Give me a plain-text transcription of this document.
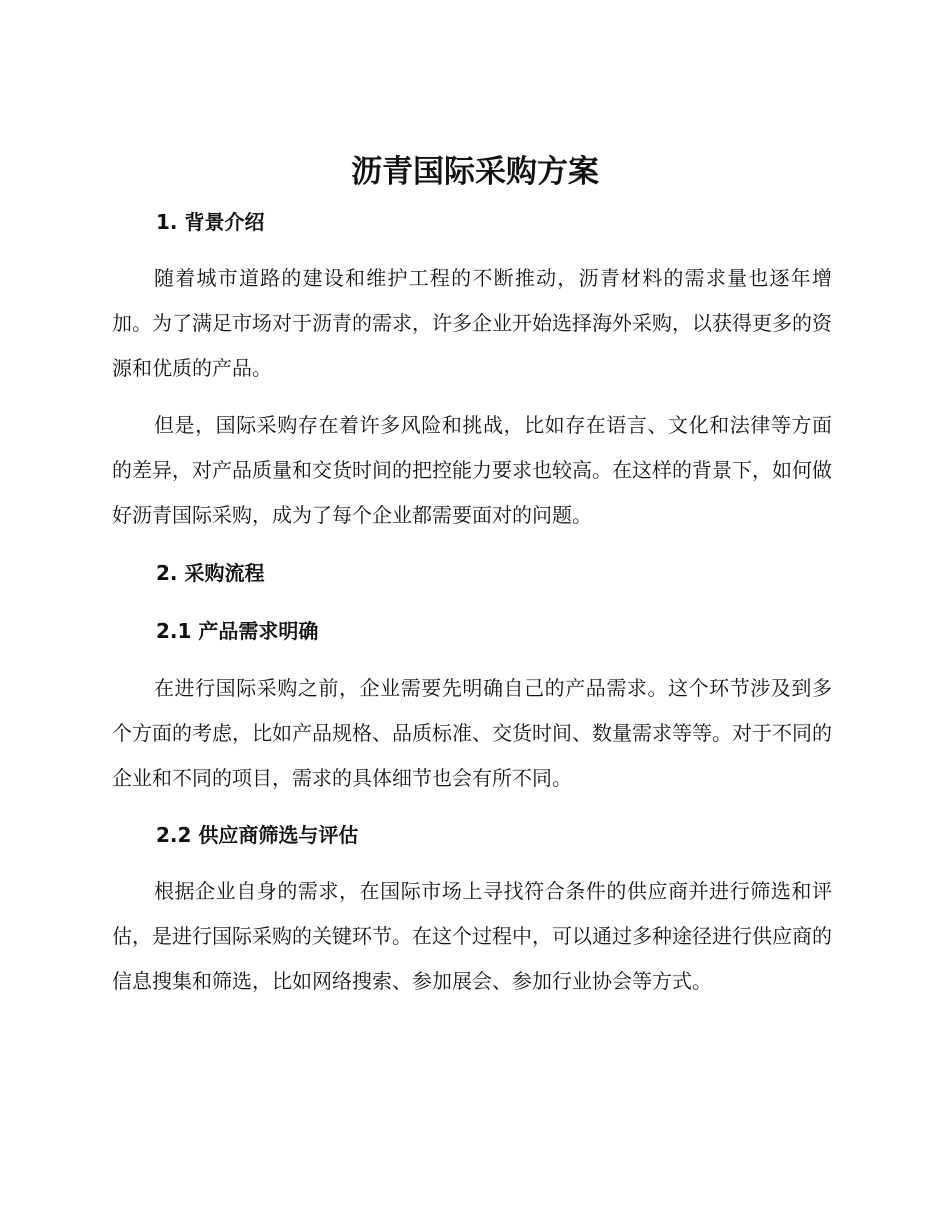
沥青国际采购方案
1. 背景介绍

随着城市道路的建设和维护工程的不断推动，沥青材料的需求量也逐年增加。为了满足市场对于沥青的需求，许多企业开始选择海外采购，以获得更多的资源和优质的产品。

但是，国际采购存在着许多风险和挑战，比如存在语言、文化和法律等方面的差异，对产品质量和交货时间的把控能力要求也较高。在这样的背景下，如何做好沥青国际采购，成为了每个企业都需要面对的问题。

2. 采购流程
2.1 产品需求明确

在进行国际采购之前，企业需要先明确自己的产品需求。这个环节涉及到多个方面的考虑，比如产品规格、品质标准、交货时间、数量需求等等。对于不同的企业和不同的项目，需求的具体细节也会有所不同。

2.2 供应商筛选与评估

根据企业自身的需求，在国际市场上寻找符合条件的供应商并进行筛选和评估，是进行国际采购的关键环节。在这个过程中，可以通过多种途径进行供应商的信息搜集和筛选，比如网络搜索、参加展会、参加行业协会等方式。
